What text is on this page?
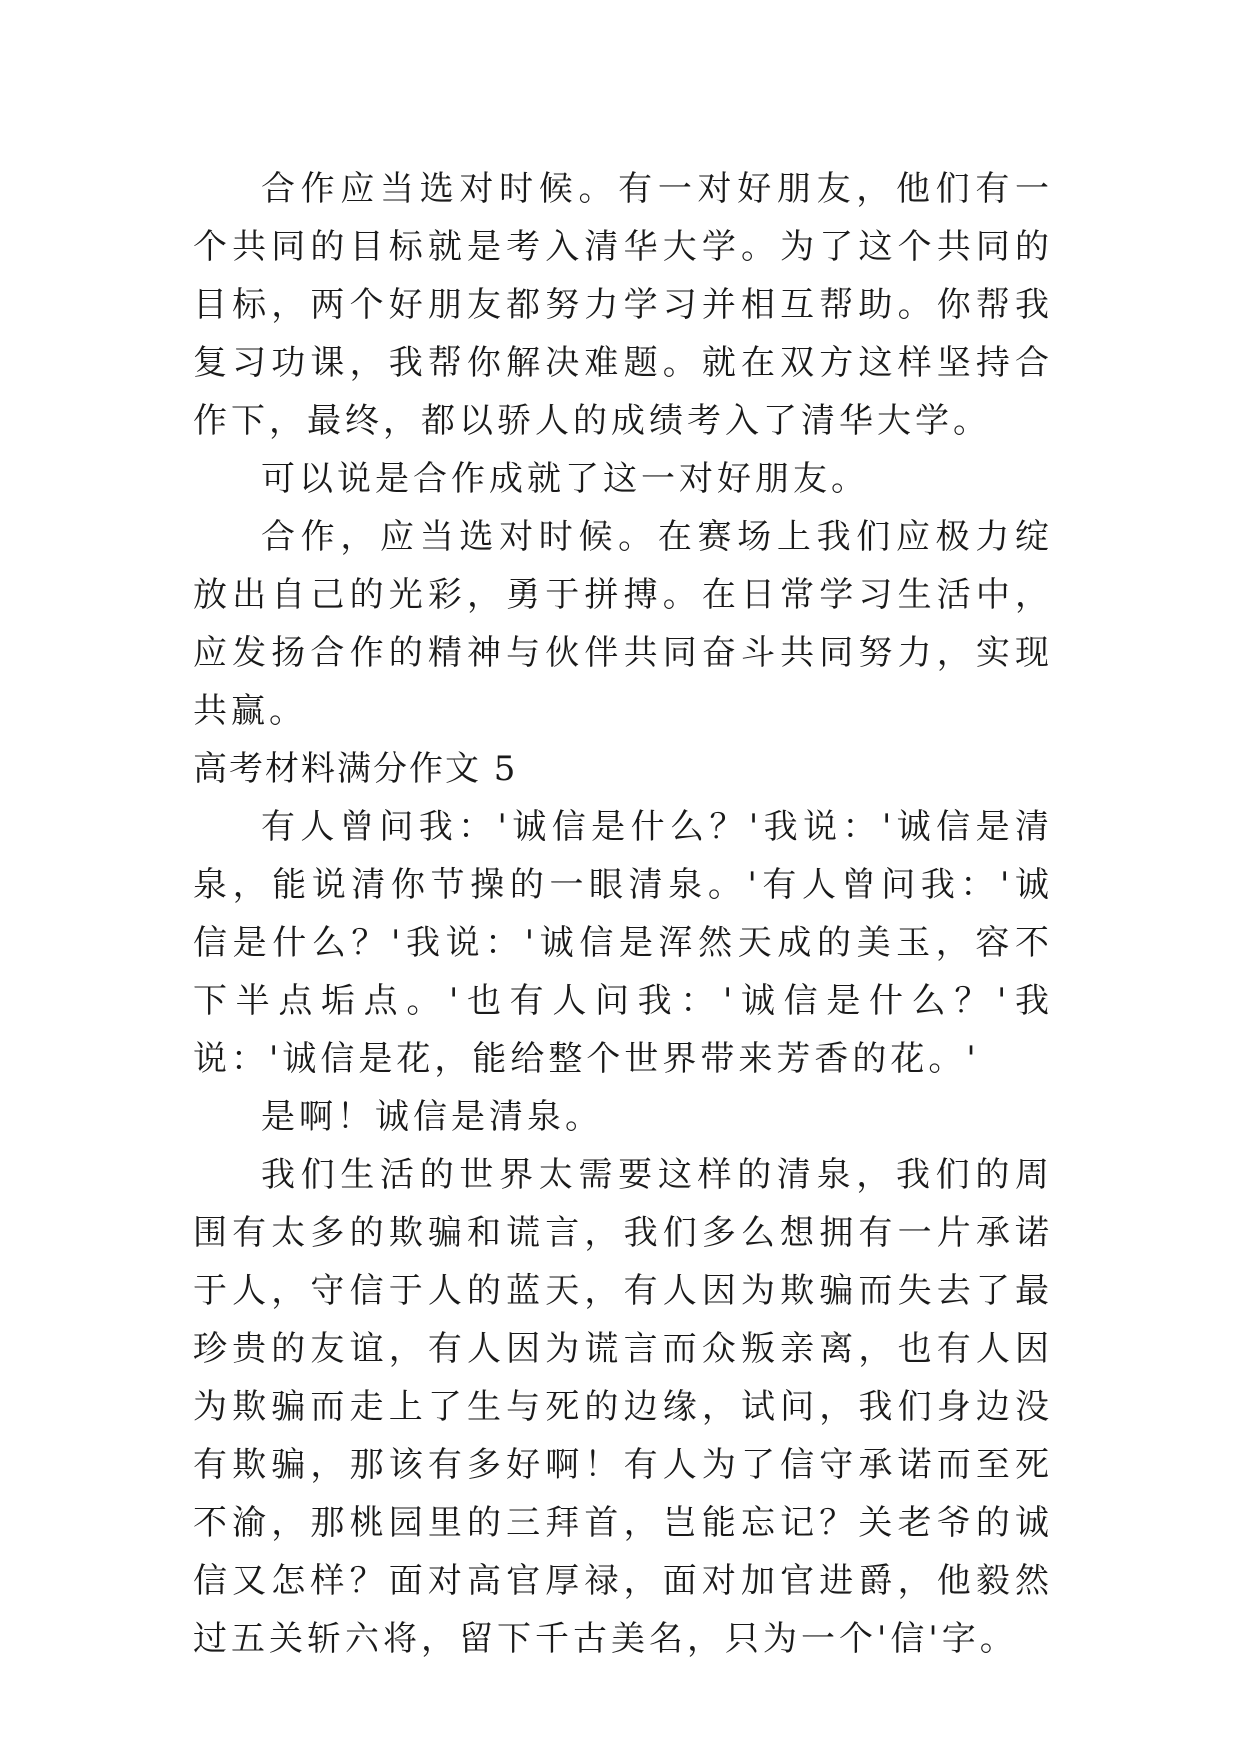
合作应当选对时候。有一对好朋友，他们有一个共同的目标就是考入清华大学。为了这个共同的目标，两个好朋友都努力学习并相互帮助。你帮我复习功课，我帮你解决难题。就在双方这样坚持合作下，最终，都以骄人的成绩考入了清华大学。

可以说是合作成就了这一对好朋友。

合作，应当选对时候。在赛场上我们应极力绽放出自己的光彩，勇于拼搏。在日常学习生活中，应发扬合作的精神与伙伴共同奋斗共同努力，实现共赢。

高考材料满分作文 5

有人曾问我：'诚信是什么？'我说：'诚信是清泉，能说清你节操的一眼清泉。'有人曾问我：'诚信是什么？'我说：'诚信是浑然天成的美玉，容不下半点垢点。'也有人问我：'诚信是什么？'我说：'诚信是花，能给整个世界带来芳香的花。'

是啊！诚信是清泉。

我们生活的世界太需要这样的清泉，我们的周围有太多的欺骗和谎言，我们多么想拥有一片承诺于人，守信于人的蓝天，有人因为欺骗而失去了最珍贵的友谊，有人因为谎言而众叛亲离，也有人因为欺骗而走上了生与死的边缘，试问，我们身边没有欺骗，那该有多好啊！有人为了信守承诺而至死不渝，那桃园里的三拜首，岂能忘记？关老爷的诚信又怎样？面对高官厚禄，面对加官进爵，他毅然过五关斩六将，留下千古美名，只为一个'信'字。
